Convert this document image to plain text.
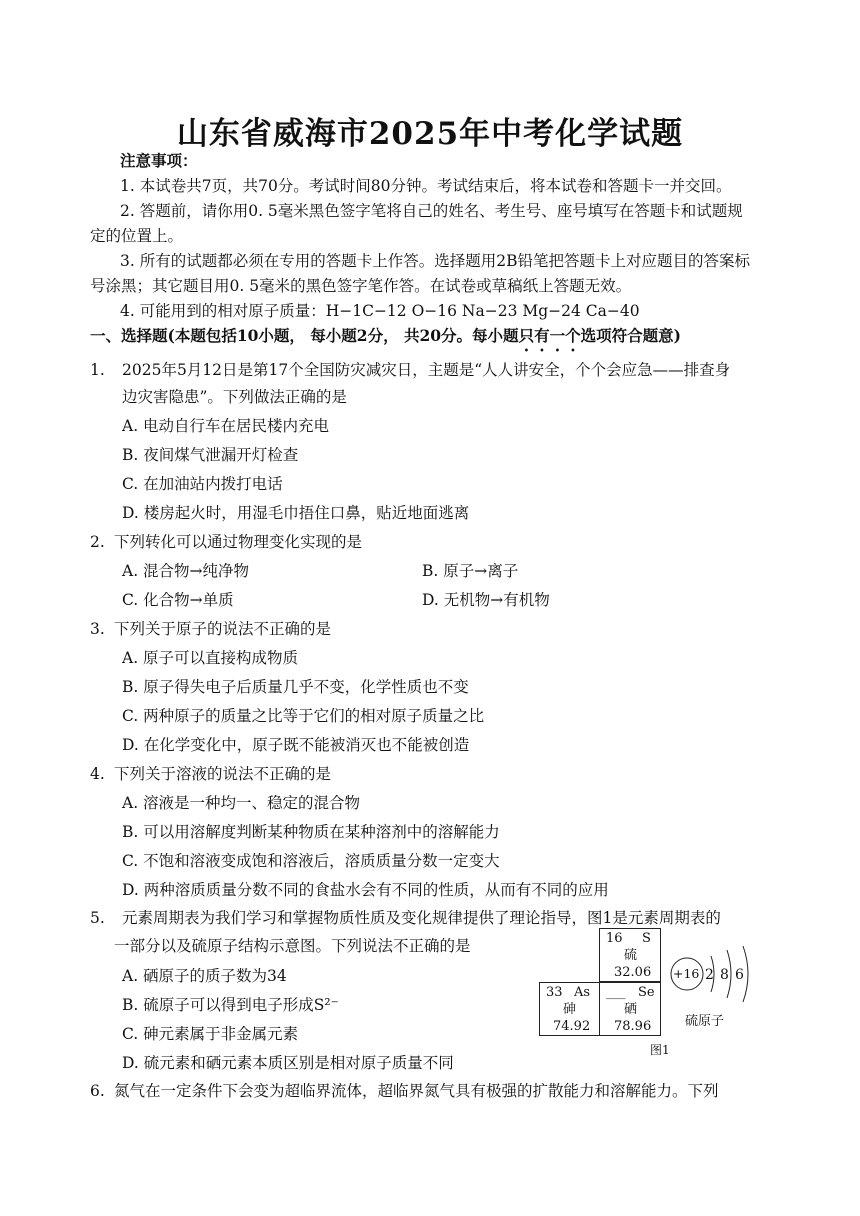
山东省威海市2025年中考化学试题
注意事项：
1. 本试卷共7页，共70分。考试时间80分钟。考试结束后，将本试卷和答题卡一并交回。
2. 答题前，请你用0. 5毫米黑色签字笔将自己的姓名、考生号、座号填写在答题卡和试题规
定的位置上。
3. 所有的试题都必须在专用的答题卡上作答。选择题用2B铅笔把答题卡上对应题目的答案标
号涂黑；其它题目用0. 5毫米的黑色签字笔作答。在试卷或草稿纸上答题无效。
4. 可能用到的相对原子质量：H−1C−12 O−16 Na−23 Mg−24 Ca−40
一、选择题(本题包括10小题， 每小题2分， 共20分。每小题只有一个选项符合题意)
1. 2025年5月12日是第17个全国防灾减灾日，主题是“人人讲安全，个个会应急——排查身
边灾害隐患”。下列做法正确的是
A. 电动自行车在居民楼内充电
B. 夜间煤气泄漏开灯检查
C. 在加油站内拨打电话
D. 楼房起火时，用湿毛巾捂住口鼻，贴近地面逃离
2. 下列转化可以通过物理变化实现的是
A. 混合物→纯净物	B. 原子→离子
C. 化合物→单质	D. 无机物→有机物
3. 下列关于原子的说法不正确的是
A. 原子可以直接构成物质
B. 原子得失电子后质量几乎不变，化学性质也不变
C. 两种原子的质量之比等于它们的相对原子质量之比
D. 在化学变化中，原子既不能被消灭也不能被创造
4. 下列关于溶液的说法不正确的是
A. 溶液是一种均一、稳定的混合物
B. 可以用溶解度判断某种物质在某种溶剂中的溶解能力
C. 不饱和溶液变成饱和溶液后，溶质质量分数一定变大
D. 两种溶质质量分数不同的食盐水会有不同的性质，从而有不同的应用
5. 元素周期表为我们学习和掌握物质性质及变化规律提供了理论指导，图1是元素周期表的
一部分以及硫原子结构示意图。下列说法不正确的是
A. 硒原子的质子数为34
B. 硫原子可以得到电子形成S²⁻
C. 砷元素属于非金属元素
D. 硫元素和硒元素本质区别是相对原子质量不同
16 S
硫
32.06
33 As
砷
74.92
___ Se
硒
78.96
+16 2 8 6
硫原子
图1
6. 氮气在一定条件下会变为超临界流体，超临界氮气具有极强的扩散能力和溶解能力。下列
